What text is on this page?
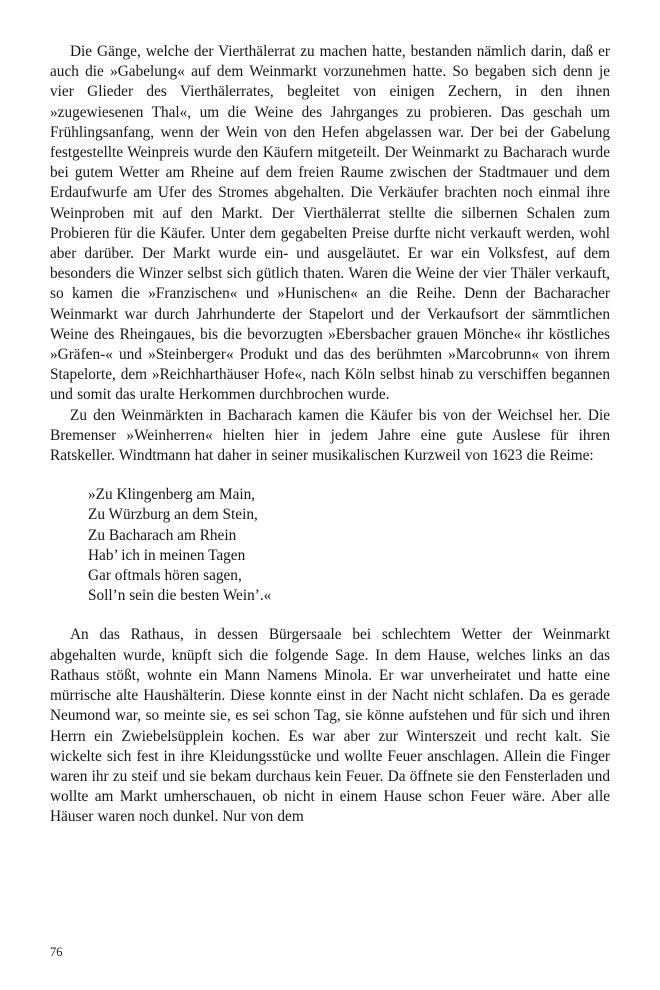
Die Gänge, welche der Vierthälerrat zu machen hatte, bestanden nämlich darin, daß er auch die »Gabelung« auf dem Weinmarkt vorzunehmen hatte. So begaben sich denn je vier Glieder des Vierthälerrates, begleitet von einigen Zechern, in den ihnen »zugewiesenen Thal«, um die Weine des Jahrganges zu probieren. Das geschah um Frühlingsanfang, wenn der Wein von den Hefen abgelassen war. Der bei der Gabelung festgestellte Weinpreis wurde den Käufern mitgeteilt. Der Weinmarkt zu Bacharach wurde bei gutem Wetter am Rheine auf dem freien Raume zwischen der Stadtmauer und dem Erdaufwurfe am Ufer des Stromes abgehalten. Die Verkäufer brachten noch einmal ihre Weinproben mit auf den Markt. Der Vierthälerrat stellte die silbernen Schalen zum Probieren für die Käufer. Unter dem gegabelten Preise durfte nicht verkauft werden, wohl aber darüber. Der Markt wurde ein- und ausgeläutet. Er war ein Volksfest, auf dem besonders die Winzer selbst sich gütlich thaten. Waren die Weine der vier Thäler verkauft, so kamen die »Franzischen« und »Hunischen« an die Reihe. Denn der Bacharacher Weinmarkt war durch Jahrhunderte der Stapelort und der Verkaufsort der sämmtlichen Weine des Rheingaues, bis die bevorzugten »Ebersbacher grauen Mönche« ihr köstliches »Gräfen-« und »Steinberger« Produkt und das des berühmten »Marcobrunn« von ihrem Stapelorte, dem »Reichharthäuser Hofe«, nach Köln selbst hinab zu verschiffen begannen und somit das uralte Herkommen durchbrochen wurde.

Zu den Weinmärkten in Bacharach kamen die Käufer bis von der Weichsel her. Die Bremenser »Weinherren« hielten hier in jedem Jahre eine gute Auslese für ihren Ratskeller. Windtmann hat daher in seiner musikalischen Kurzweil von 1623 die Reime:

»Zu Klingenberg am Main,
Zu Würzburg an dem Stein,
Zu Bacharach am Rhein
Hab’ ich in meinen Tagen
Gar oftmals hören sagen,
Soll’n sein die besten Wein’.«

An das Rathaus, in dessen Bürgersaale bei schlechtem Wetter der Weinmarkt abgehalten wurde, knüpft sich die folgende Sage. In dem Hause, welches links an das Rathaus stößt, wohnte ein Mann Namens Minola. Er war unverheiratet und hatte eine mürrische alte Haushälterin. Diese konnte einst in der Nacht nicht schlafen. Da es gerade Neumond war, so meinte sie, es sei schon Tag, sie könne aufstehen und für sich und ihren Herrn ein Zwiebelsüpplein kochen. Es war aber zur Winterszeit und recht kalt. Sie wickelte sich fest in ihre Kleidungsstücke und wollte Feuer anschlagen. Allein die Finger waren ihr zu steif und sie bekam durchaus kein Feuer. Da öffnete sie den Fensterladen und wollte am Markt umherschauen, ob nicht in einem Hause schon Feuer wäre. Aber alle Häuser waren noch dunkel. Nur von dem

76
